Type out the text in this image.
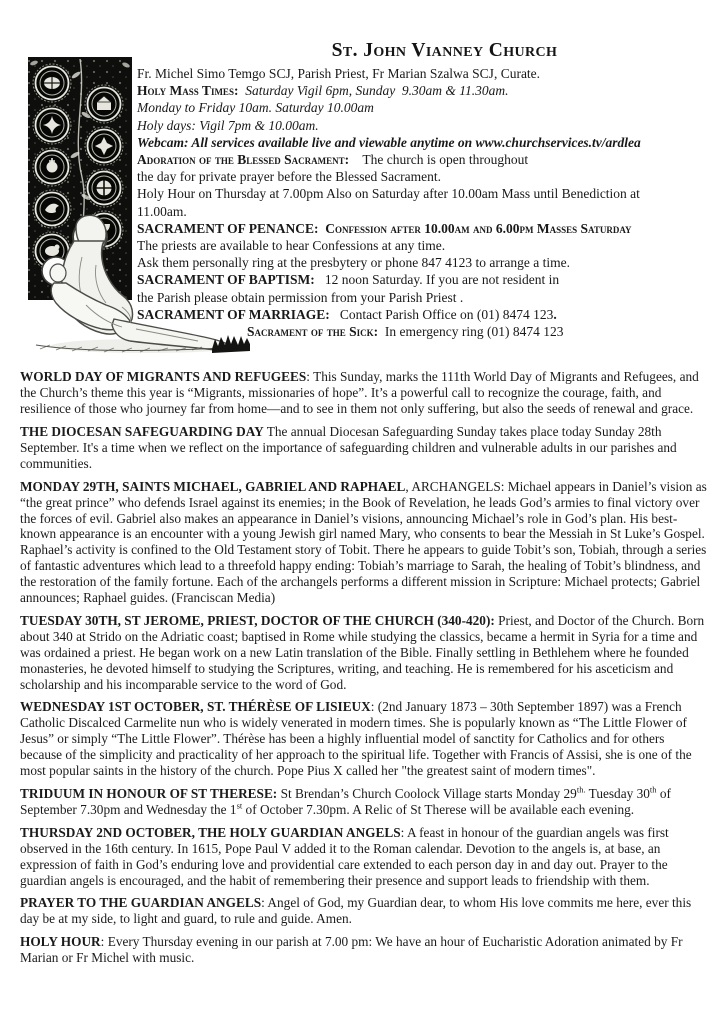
St. John Vianney Church
Fr. Michel Simo Temgo SCJ, Parish Priest, Fr Marian Szalwa SCJ, Curate.
Holy Mass Times:  Saturday Vigil 6pm, Sunday  9.30am & 11.30am.
Monday to Friday 10am. Saturday 10.00am
Holy days: Vigil 7pm & 10.00am.
Webcam: All services available live and viewable anytime on www.churchservices.tv/ardlea
Adoration of the Blessed Sacrament:    The church is open throughout
the day for private prayer before the Blessed Sacrament.
Holy Hour on Thursday at 7.00pm Also on Saturday after 10.00am Mass until Benediction at
11.00am.
SACRAMENT OF PENANCE:  Confession after 10.00am and 6.00pm Masses Saturday
The priests are available to hear Confessions at any time.
Ask them personally ring at the presbytery or phone 847 4123 to arrange a time.
SACRAMENT OF BAPTISM:   12 noon Saturday. If you are not resident in
the Parish please obtain permission from your Parish Priest .
SACRAMENT OF MARRIAGE:   Contact Parish Office on (01) 8474 123.
Sacrament of the Sick:  In emergency ring (01) 8474 123

WORLD DAY OF MIGRANTS AND REFUGEES: This Sunday, marks the 111th World Day of Migrants and Refugees, and the Church’s theme this year is “Migrants, missionaries of hope”. It’s a powerful call to recognize the courage, faith, and resilience of those who journey far from home—and to see in them not only suffering, but also the seeds of renewal and grace.

THE DIOCESAN SAFEGUARDING DAY The annual Diocesan Safeguarding Sunday takes place today Sunday 28th September. It's a time when we reflect on the importance of safeguarding children and vulnerable adults in our parishes and communities.

MONDAY 29TH, SAINTS MICHAEL, GABRIEL AND RAPHAEL, ARCHANGELS: Michael appears in Daniel’s vision as “the great prince” who defends Israel against its enemies; in the Book of Revelation, he leads God’s armies to final victory over the forces of evil. Gabriel also makes an appearance in Daniel’s visions, announcing Michael’s role in God’s plan. His best-known appearance is an encounter with a young Jewish girl named Mary, who consents to bear the Messiah in St Luke’s Gospel. Raphael’s activity is confined to the Old Testament story of Tobit. There he appears to guide Tobit’s son, Tobiah, through a series of fantastic adventures which lead to a threefold happy ending: Tobiah’s marriage to Sarah, the healing of Tobit’s blindness, and the restoration of the family fortune. Each of the archangels performs a different mission in Scripture: Michael protects; Gabriel announces; Raphael guides. (Franciscan Media)

TUESDAY 30TH, ST JEROME, PRIEST, DOCTOR OF THE CHURCH (340-420): Priest, and Doctor of the Church. Born about 340 at Strido on the Adriatic coast; baptised in Rome while studying the classics, became a hermit in Syria for a time and was ordained a priest. He began work on a new Latin translation of the Bible. Finally settling in Bethlehem where he founded monasteries, he devoted himself to studying the Scriptures, writing, and teaching. He is remembered for his asceticism and scholarship and his incomparable service to the word of God.

WEDNESDAY 1ST OCTOBER, ST. THÉRÈSE OF LISIEUX: (2nd January 1873 – 30th September 1897) was a French Catholic Discalced Carmelite nun who is widely venerated in modern times. She is popularly known as “The Little Flower of Jesus” or simply “The Little Flower”. Thérèse has been a highly influential model of sanctity for Catholics and for others because of the simplicity and practicality of her approach to the spiritual life. Together with Francis of Assisi, she is one of the most popular saints in the history of the church. Pope Pius X called her "the greatest saint of modern times".

TRIDUUM IN HONOUR OF ST THERESE: St Brendan’s Church Coolock Village starts Monday $29^{th.}$ Tuesday 30th of September 7.30pm and Wednesday the 1st of October 7.30pm. A Relic of St Therese will be available each evening.

THURSDAY 2ND OCTOBER, THE HOLY GUARDIAN ANGELS: A feast in honour of the guardian angels was first observed in the 16th century. In 1615, Pope Paul V added it to the Roman calendar. Devotion to the angels is, at base, an expression of faith in God’s enduring love and providential care extended to each person day in and day out. Prayer to the guardian angels is encouraged, and the habit of remembering their presence and support leads to friendship with them.

PRAYER TO THE GUARDIAN ANGELS: Angel of God, my Guardian dear, to whom His love commits me here, ever this day be at my side, to light and guard, to rule and guide. Amen.

HOLY HOUR: Every Thursday evening in our parish at 7.00 pm: We have an hour of Eucharistic Adoration animated by Fr Marian or Fr Michel with music.
